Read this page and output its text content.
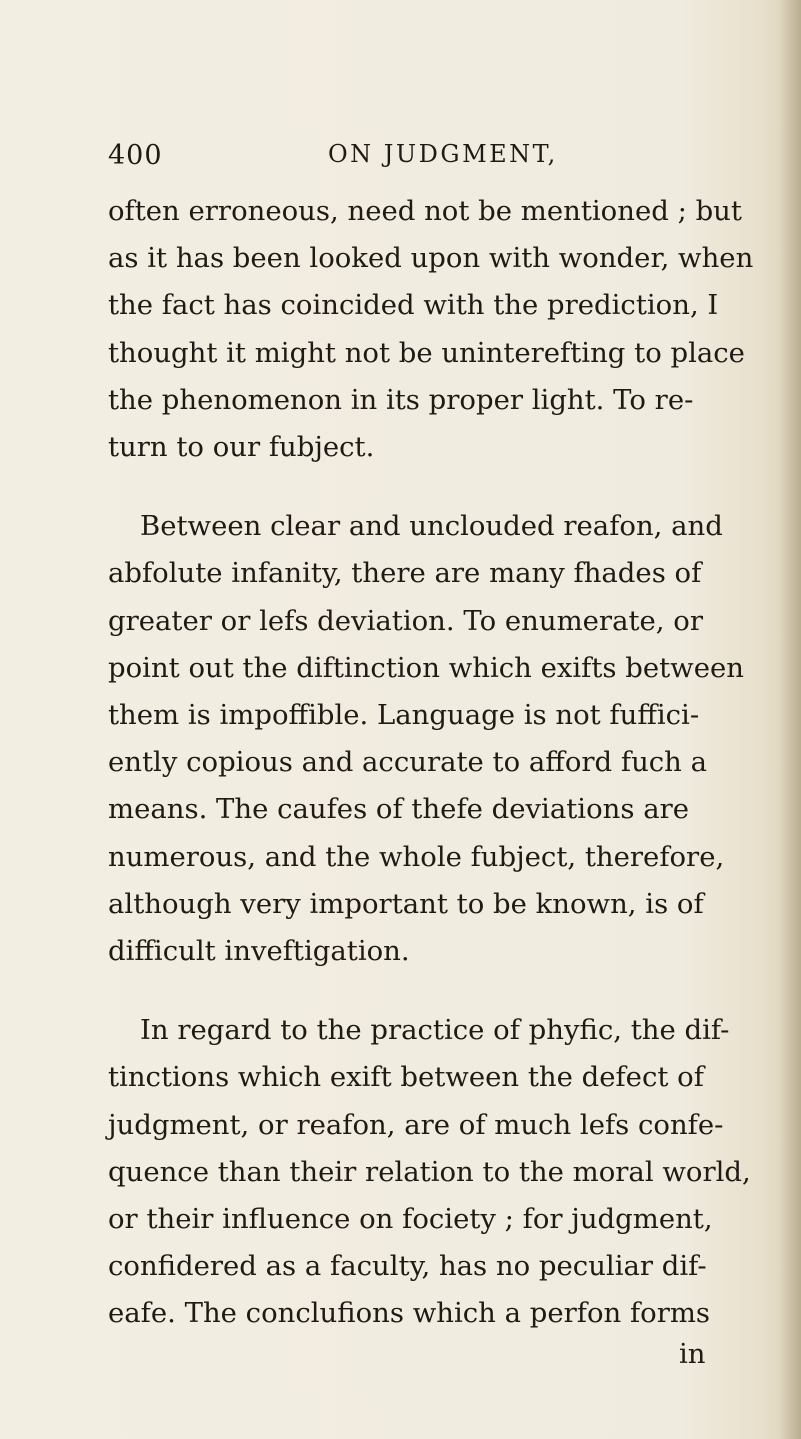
400	ON JUDGMENT,

often erroneous, need not be mentioned ; but

as it has been looked upon with wonder, when

the fact has coincided with the prediction, I

thought it might not be uninterefting to place

the phenomenon in its proper light. To re-

turn to our fubject.

Between clear and unclouded reafon, and

abfolute infanity, there are many fhades of

greater or lefs deviation. To enumerate, or

point out the diftinction which exifts between

them is impoffible. Language is not fuffici-

ently copious and accurate to afford fuch a

means. The caufes of thefe deviations are

numerous, and the whole fubject, therefore,

although very important to be known, is of

difficult inveftigation.

In regard to the practice of phyfic, the dif-

tinctions which exift between the defect of

judgment, or reafon, are of much lefs confe-

quence than their relation to the moral world,

or their influence on fociety ; for judgment,

confidered as a faculty, has no peculiar dif-

eafe. The conclufions which a perfon forms

in
